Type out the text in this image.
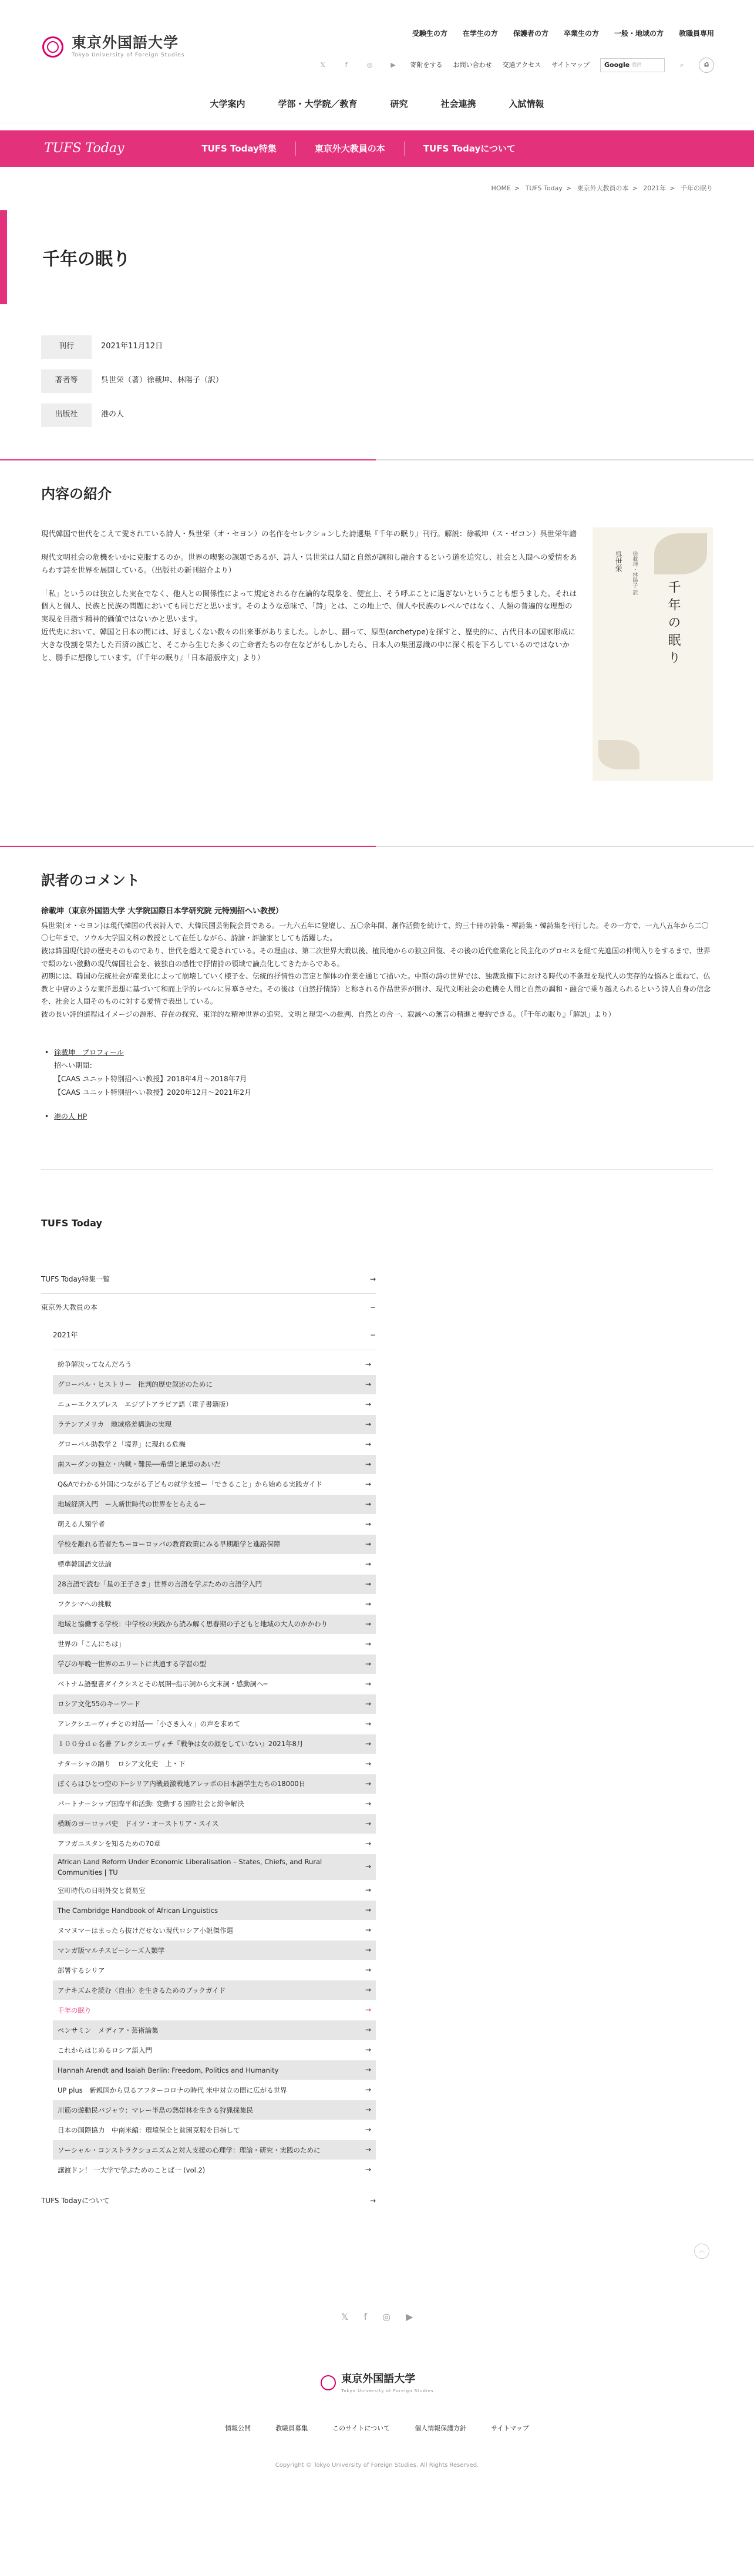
東京外国語大学
Tokyo University of Foreign Studies
受験生の方 在学生の方 保護者の方 卒業生の方 一般・地域の方 教職員専用
𝕏	f	◎	▶	寄附をする お問い合わせ 交通アクセス サイトマップ Google 提供	⌕	⎙
大学案内	学部・大学院／教育	研究	社会連携	入試情報
TUFS Today	TUFS Today特集	東京外大教員の本	TUFS Todayについて
HOME > TUFS Today > 東京外大教員の本 > 2021年 > 千年の眠り
千年の眠り
刊行	2021年11月12日
著者等	呉世栄（著）徐載坤、林陽子（訳）
出版社	港の人
内容の紹介

現代韓国で世代をこえて愛されている詩人・呉世栄（オ・セヨン）の名作をセレクションした詩選集『千年の眠り』刊行。解説：徐載坤（ス・ゼコン）呉世栄年譜

現代文明社会の危機をいかに克服するのか。世界の喫緊の課題であるが、詩人・呉世栄は人間と自然が調和し融合するという道を追究し、社会と人間への愛情をあらわす詩を世界を展開している。（出版社の新刊紹介より）

「私」というのは独立した実在でなく、他人との関係性によって規定される存在論的な現象を、便宜上、そう呼ぶことに過ぎないということも想うました。それは個人と個人、民族と民族の問題においても同じだと思います。そのような意味で、「詩」とは、この地上で、個人や民族のレベルではなく、人類の普遍的な理想の実現を目指す精神的価値ではないかと思います。
近代史において、韓国と日本の間には、好ましくない数々の出来事がありました。しかし、翻って、原型(archetype)を探すと、歴史的に、古代日本の国家形成に大きな役割を果たした百済の滅亡と、そこから生じた多くの亡命者たちの存在などがもしかしたら、日本人の集団意識の中に深く根を下ろしているのではないかと、勝手に想像しています。（『千年の眠り』「日本語版序文」より）

呉世栄 徐載坤・林陽子 訳
千年の眠り
訳者のコメント
徐載坤（東京外国語大学 大学院国際日本学研究院 元特別招へい教授）

呉世栄(オ・セヨン)は現代韓国の代表詩人で、大韓民国芸術院会員である。一九六五年に登壇し、五〇余年間、創作活動を続けて、約三十冊の詩集・褌詩集・韓詩集を刊行した。その一方で、一九八五年から二〇〇七年まで、ソウル大学国文科の教授として在任しながら、詩論・評論家としても活躍した。
彼は韓国現代詩の歴史そのものであり、世代を超えて愛されている。その理由は、第二次世界大戦以後、植民地からの独立回復、その後の近代産業化と民主化のプロセスを経て先進国の仲間入りをするまで、世界で類のない激動の現代韓国社会を、彼独自の感性で抒情詩の領域で論点化してきたからである。
初期には、韓国の伝統社会が産業化によって崩壊していく様子を、伝統的抒情性の言定と解体の作業を通じて描いた。中期の詩の世界では、独裁政権下における時代の不条理を現代人の実存的な悩みと重ねて、仏教と中庸のような東洋思想に基づいて和而上学的レベルに昇華させた。その後は（自然抒情詩）と称される作品世界が開け、現代文明社会の危機を人間と自然の調和・融合で乗り越えられるという詩人自身の信念を、社会と人間そのものに対する愛情で表出している。
彼の長い詩的道程はイメージの源形、存在の探究、東洋的な精神世界の追究、文明と現実への批判、自然との合一、寂滅への無言の精進と要約できる。（『千年の眠り』「解説」より）

• 徐載坤　プロフィール
招へい期間：
【CAAS ユニット特別招へい教授】2018年4月〜2018年7月
【CAAS ユニット特別招へい教授】2020年12月〜2021年2月
• 港の人 HP
TUFS Today
TUFS Today特集一覧	→
東京外大教員の本	−
2021年	−
紛争解決ってなんだろう	→
グローバル・ヒストリー　批判的歴史叙述のために	→
ニューエクスプレス　エジプトアラビア語（電子書籍版）	→
ラテンアメリカ　地域格差構造の実現	→
グローバル助教学２「境界」に現れる危機	→
南スーダンの独立・内戦・難民──希望と絶望のあいだ	→
Q&Aでわかる外国につながる子どもの就学支援ー「できること」から始める実践ガイド	→
地域経済入門　ー人新世時代の世界をとらえるー	→
萌える人類学者	→
学校を離れる若者たちーヨーロッパの教育政策にみる早期離学と進路保障	→
標準韓国語文法論	→
28言語で読む「星の王子さま」世界の言語を学ぶための言語学入門	→
フクシマへの挑戦	→
地域と協働する学校：中学校の実践から読み解く思春期の子どもと地域の大人のかかわり	→
世界の「こんにちは」	→
学びの早晩一世界のエリートに共通する学習の型	→
ベトナム語聖書ダイクシスとその展開─指示詞から文末詞・感動詞へ─	→
ロシア文化55のキーワード	→
アレクシエーヴィチとの対話──「小さき人々」の声を求めて	→
１００分ｄｅ名著 アレクシエーヴィチ『戦争は女の顔をしていない』2021年8月	→
ナターシャの踊り　ロシア文化史　上・下	→
ぼくらはひとつ空の下─シリア内戦最激戦地アレッポの日本語学生たちの18000日	→
パートナーシップ国際平和活動: 変動する国際社会と紛争解決	→
横断のヨーロッパ史　ドイツ・オーストリア・スイス	→
アフガニスタンを知るための70章	→
African Land Reform Under Economic Liberalisation – States, Chiefs, and Rural Communities | TU
→
室町時代の日明外交と貿易室	→
The Cambridge Handbook of African Linguistics	→
ヌマヌマーはまったら抜けだせない現代ロシア小説傑作選	→
マンガ版マルチスピーシーズ人類学	→
部署するシリア	→
アナキズムを読む〈自由〉を生きるためのブックガイド	→
千年の眠り	→
ペンサミン　メディア・芸術論集	→
これからはじめるロシア語入門	→
Hannah Arendt and Isaiah Berlin: Freedom, Politics and Humanity	→
UP plus　新親国から見るアフターコロナの時代 米中対立の間に広がる世界	→
川筋の遊動民バジャウ：マレー半島の熱帯林を生きる狩猟採集民	→
日本の国際協力　中南米編：環境保全と貧困克服を目指して	→
ソーシャル・コンストラクショニズムと対人支援の心理学：理論・研究・実践のために	→
譲渡ドン！ 一大学で学ぶためのことば一 (vol.2)	→
TUFS Todayについて	→
︿
𝕏 f ◎ ▶
東京外国語大学
Tokyo University of Foreign Studies
情報公開	教職員募集	このサイトについて	個人情報保護方針	サイトマップ
Copyright © Tokyo University of Foreign Studies. All Rights Reserved.
